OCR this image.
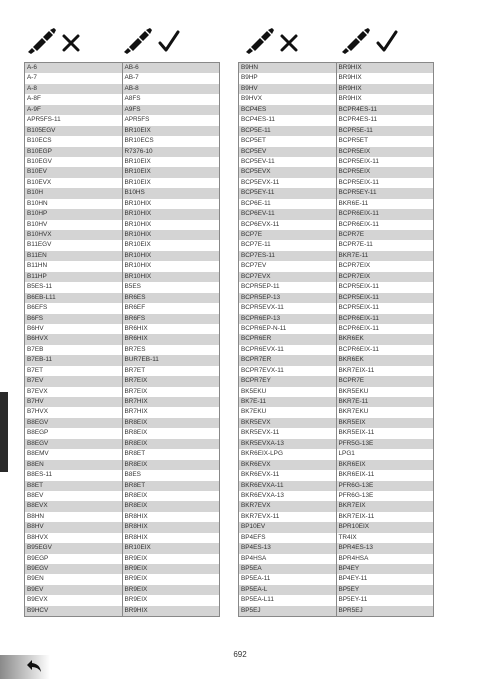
A-6	AB-6
A-7	AB-7
A-8	AB-8
A-8F	A8FS
A-9F	A9FS
APR5FS-11	APR5FS
B105EGV	BR10EIX
B10ECS	BR10ECS
B10EGP	R7376-10
B10EGV	BR10EIX
B10EV	BR10EIX
B10EVX	BR10EIX
B10H	B10HS
B10HN	BR10HIX
B10HP	BR10HIX
B10HV	BR10HIX
B10HVX	BR10HIX
B11EGV	BR10EIX
B11EN	BR10HIX
B11HN	BR10HIX
B11HP	BR10HIX
B5ES-11	B5ES
B6EB-L11	BR6ES
B6EFS	BR6EF
B6FS	BR6FS
B6HV	BR6HIX
B6HVX	BR6HIX
B7EB	BR7ES
B7EB-11	BUR7EB-11
B7ET	BR7ET
B7EV	BR7EIX
B7EVX	BR7EIX
B7HV	BR7HIX
B7HVX	BR7HIX
B8EGV	BR8EIX
B8EGP	BR8EIX
B8EGV	BR8EIX
B8EMV	BR8ET
B8EN	BR8EIX
B8ES-11	B8ES
B8ET	BR8ET
B8EV	BR8EIX
B8EVX	BR8EIX
B8HN	BR8HIX
B8HV	BR8HIX
B8HVX	BR8HIX
B95EGV	BR10EIX
B9EGP	BR9EIX
B9EGV	BR9EIX
B9EN	BR9EIX
B9EV	BR9EIX
B9EVX	BR9EIX
B9HCV	BR9HIX
B9HN	BR9HIX
B9HP	BR9HIX
B9HV	BR9HIX
B9HVX	BR9HIX
BCP4ES	BCPR4ES-11
BCP4ES-11	BCPR4ES-11
BCP5E-11	BCPR5E-11
BCP5ET	BCPR5ET
BCP5EV	BCPR5EIX
BCP5EV-11	BCPR5EIX-11
BCP5EVX	BCPR5EIX
BCP5EVX-11	BCPR5EIX-11
BCP5EY-11	BCPR5EY-11
BCP6E-11	BKR6E-11
BCP6EV-11	BCPR6EIX-11
BCP6EVX-11	BCPR6EIX-11
BCP7E	BCPR7E
BCP7E-11	BCPR7E-11
BCP7ES-11	BKR7E-11
BCP7EV	BCPR7EIX
BCP7EVX	BCPR7EIX
BCPR5EP-11	BCPR5EIX-11
BCPR5EP-13	BCPR5EIX-11
BCPR5EVX-11	BCPR5EIX-11
BCPR6EP-13	BCPR6EIX-11
BCPR6EP-N-11	BCPR6EIX-11
BCPR6ER	BKR6EK
BCPR6EVX-11	BCPR6EIX-11
BCPR7ER	BKR6EK
BCPR7EVX-11	BKR7EIX-11
BCPR7EY	BCPR7E
BK5EKU	BKR5EKU
BK7E-11	BKR7E-11
BK7EKU	BKR7EKU
BKR5EVX	BKR5EIX
BKR5EVX-11	BKR5EIX-11
BKR5EVXA-13	PFR5G-13E
BKR6EIX-LPG	LPG1
BKR6EVX	BKR6EIX
BKR6EVX-11	BKR6EIX-11
BKR6EVXA-11	PFR6G-13E
BKR6EVXA-13	PFR6G-13E
BKR7EVX	BKR7EIX
BKR7EVX-11	BKR7EIX-11
BP10EV	BPR10EIX
BP4EFS	TR4IX
BP4ES-13	BPR4ES-13
BP4HSA	BPR4HSA
BP5EA	BP4EY
BP5EA-11	BP4EY-11
BP5EA-L	BP5EY
BP5EA-L11	BP5EY-11
BP5EJ	BPR5EJ
692
